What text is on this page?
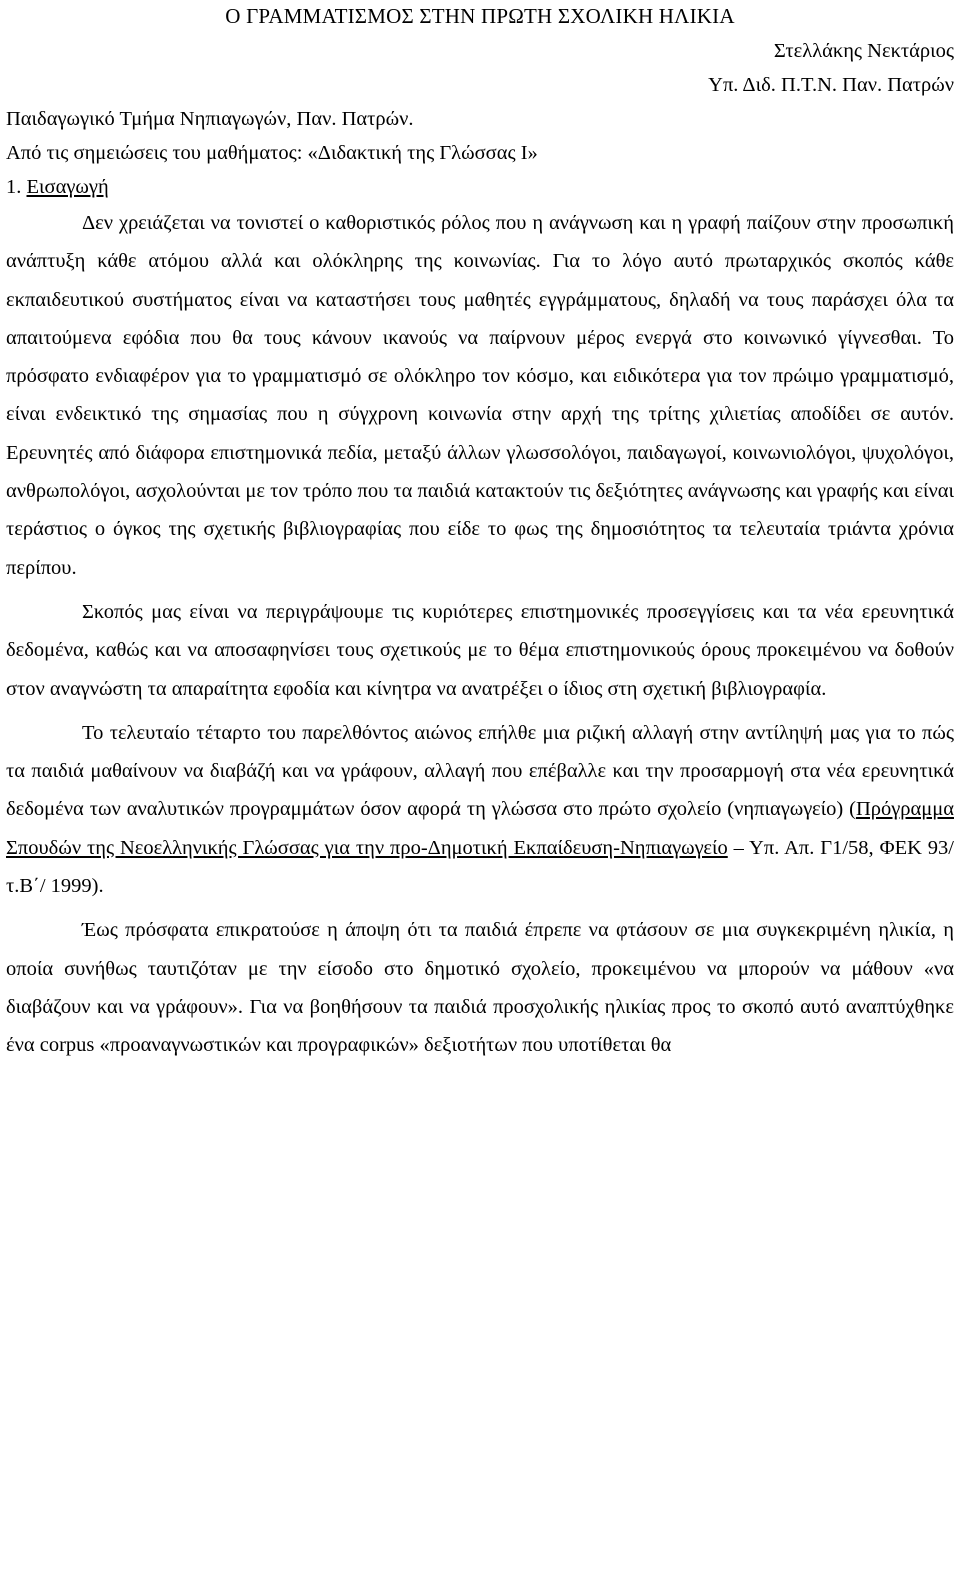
Ο ΓΡΑΜΜΑΤΙΣΜΟΣ ΣΤΗΝ ΠΡΩΤΗ ΣΧΟΛΙΚΗ ΗΛΙΚΙΑ

Στελλάκης Νεκτάριος

Υπ. Διδ. Π.Τ.Ν. Παν. Πατρών

Παιδαγωγικό Τμήμα Νηπιαγωγών, Παν. Πατρών.

Από τις σημειώσεις του μαθήματος: «Διδακτική της Γλώσσας Ι»

1. Εισαγωγή

Δεν χρειάζεται να τονιστεί ο καθοριστικός ρόλος που η ανάγνωση και η γραφή παίζουν στην προσωπική ανάπτυξη κάθε ατόμου αλλά και ολόκληρης της κοινωνίας. Για το λόγο αυτό πρωταρχικός σκοπός κάθε εκπαιδευτικού συστήματος είναι να καταστήσει τους μαθητές εγγράμματους, δηλαδή να τους παράσχει όλα τα απαιτούμενα εφόδια που θα τους κάνουν ικανούς να παίρνουν μέρος ενεργά στο κοινωνικό γίγνεσθαι. Το πρόσφατο ενδιαφέρον για το γραμματισμό σε ολόκληρο τον κόσμο, και ειδικότερα για τον πρώιμο γραμματισμό, είναι ενδεικτικό της σημασίας που η σύγχρονη κοινωνία στην αρχή της τρίτης χιλιετίας αποδίδει σε αυτόν. Ερευνητές από διάφορα επιστημονικά πεδία, μεταξύ άλλων γλωσσολόγοι, παιδαγωγοί, κοινωνιολόγοι, ψυχολόγοι, ανθρωπολόγοι, ασχολούνται με τον τρόπο που τα παιδιά κατακτούν τις δεξιότητες ανάγνωσης και γραφής και είναι τεράστιος ο όγκος της σχετικής βιβλιογραφίας που είδε το φως της δημοσιότητος τα τελευταία τριάντα χρόνια περίπου.

Σκοπός μας είναι να περιγράψουμε τις κυριότερες επιστημονικές προσεγγίσεις και τα νέα ερευνητικά δεδομένα, καθώς και να αποσαφηνίσει τους σχετικούς με το θέμα επιστημονικούς όρους προκειμένου να δοθούν στον αναγνώστη τα απαραίτητα εφοδία και κίνητρα να ανατρέξει ο ίδιος στη σχετική βιβλιογραφία.

Το τελευταίο τέταρτο του παρελθόντος αιώνος επήλθε μια ριζική αλλαγή στην αντίληψή μας για το πώς τα παιδιά μαθαίνουν να διαβάζή και να γράφουν, αλλαγή που επέβαλλε και την προσαρμογή στα νέα ερευνητικά δεδομένα των αναλυτικών προγραμμάτων όσον αφορά τη γλώσσα στο πρώτο σχολείο (νηπιαγωγείο) (Πρόγραμμα Σπουδών της Νεοελληνικής Γλώσσας για την προ-Δημοτική Εκπαίδευση-Νηπιαγωγείο – Υπ. Απ. Γ1/58, ΦΕΚ 93/τ.Β΄/ 1999).

Έως πρόσφατα επικρατούσε η άποψη ότι τα παιδιά έπρεπε να φτάσουν σε μια συγκεκριμένη ηλικία, η οποία συνήθως ταυτιζόταν με την είσοδο στο δημοτικό σχολείο, προκειμένου να μπορούν να μάθουν «να διαβάζουν και να γράφουν». Για να βοηθήσουν τα παιδιά προσχολικής ηλικίας προς το σκοπό αυτό αναπτύχθηκε ένα corpus «προαναγνωστικών και προγραφικών» δεξιοτήτων που υποτίθεται θα
